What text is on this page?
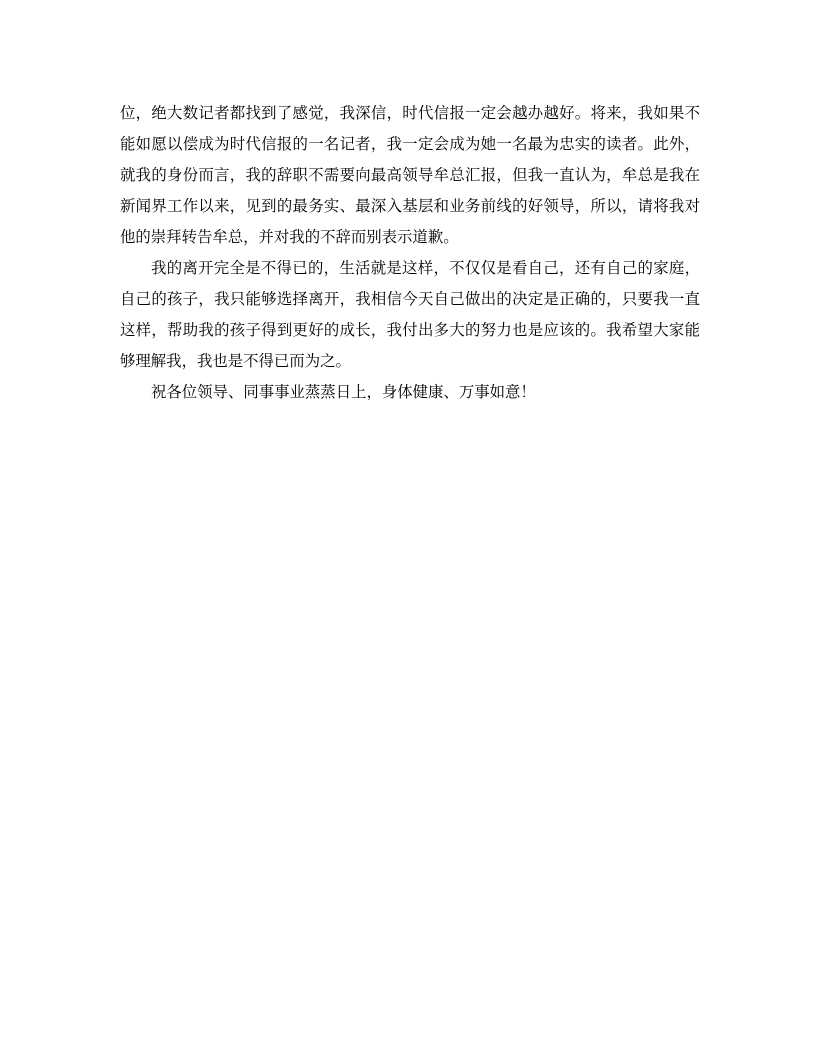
位，绝大数记者都找到了感觉，我深信，时代信报一定会越办越好。将来，我如果不能如愿以偿成为时代信报的一名记者，我一定会成为她一名最为忠实的读者。此外，就我的身份而言，我的辞职不需要向最高领导牟总汇报，但我一直认为，牟总是我在新闻界工作以来，见到的最务实、最深入基层和业务前线的好领导，所以，请将我对他的崇拜转告牟总，并对我的不辞而别表示道歉。

我的离开完全是不得已的，生活就是这样，不仅仅是看自己，还有自己的家庭，自己的孩子，我只能够选择离开，我相信今天自己做出的决定是正确的，只要我一直这样，帮助我的孩子得到更好的成长，我付出多大的努力也是应该的。我希望大家能够理解我，我也是不得已而为之。

祝各位领导、同事事业蒸蒸日上，身体健康、万事如意！
